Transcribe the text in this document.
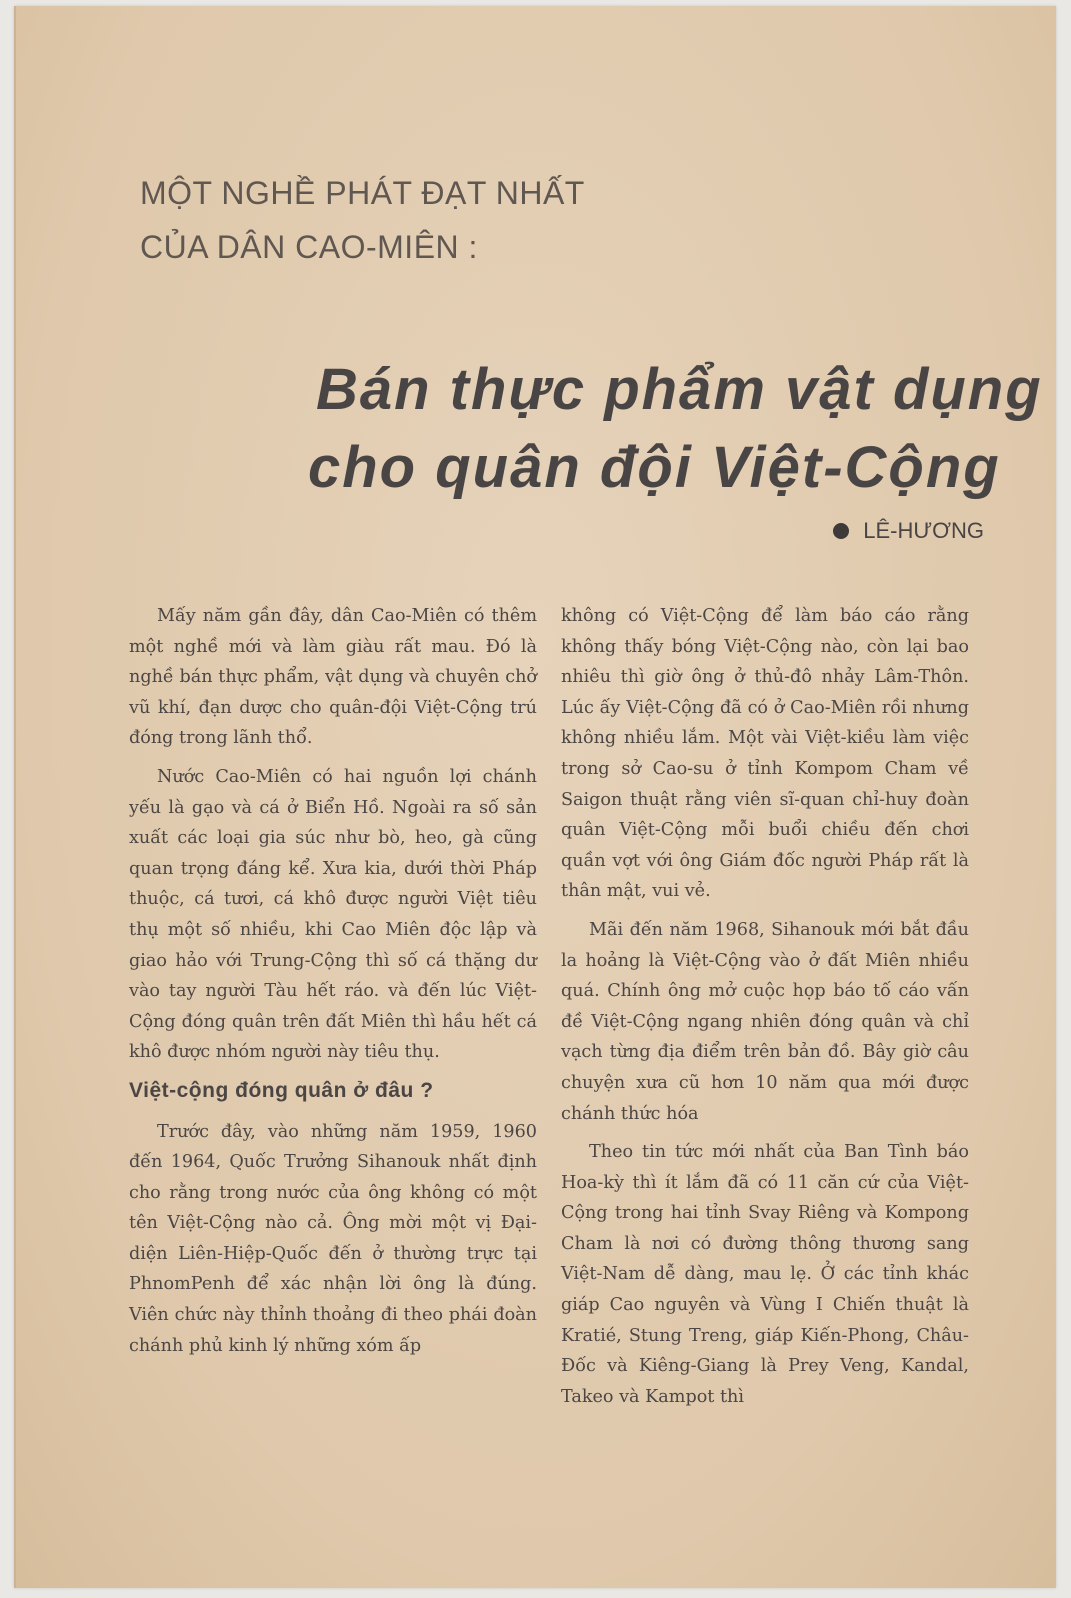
MỘT NGHỀ PHÁT ĐẠT NHẤT
CỦA DÂN CAO-MIÊN :
Bán thực phẩm vật dụng
cho quân đội Việt-Cộng
LÊ-HƯƠNG

Mấy năm gần đây, dân Cao-Miên có thêm một nghề mới và làm giàu rất mau. Đó là nghề bán thực phẩm, vật dụng và chuyên chở vũ khí, đạn dược cho quân-đội Việt-Cộng trú đóng trong lãnh thổ.

Nước Cao-Miên có hai nguồn lợi chánh yếu là gạo và cá ở Biển Hồ. Ngoài ra số sản xuất các loại gia súc như bò, heo, gà cũng quan trọng đáng kể. Xưa kia, dưới thời Pháp thuộc, cá tươi, cá khô được người Việt tiêu thụ một số nhiều, khi Cao Miên độc lập và giao hảo với Trung-Cộng thì số cá thặng dư vào tay người Tàu hết ráo. và đến lúc Việt-Cộng đóng quân trên đất Miên thì hầu hết cá khô được nhóm người này tiêu thụ.

Việt-cộng đóng quân ở đâu ?

Trước đây, vào những năm 1959, 1960 đến 1964, Quốc Trưởng Sihanouk nhất định cho rằng trong nước của ông không có một tên Việt-Cộng nào cả. Ông mời một vị Đại-diện Liên-Hiệp-Quốc đến ở thường trực tại PhnomPenh để xác nhận lời ông là đúng. Viên chức này thỉnh thoảng đi theo phái đoàn chánh phủ kinh lý những xóm ấp

không có Việt-Cộng để làm báo cáo rằng không thấy bóng Việt-Cộng nào, còn lại bao nhiêu thì giờ ông ở thủ-đô nhảy Lâm-Thôn. Lúc ấy Việt-Cộng đã có ở Cao-Miên rồi nhưng không nhiều lắm. Một vài Việt-kiều làm việc trong sở Cao-su ở tỉnh Kompom Cham về Saigon thuật rằng viên sĩ-quan chỉ-huy đoàn quân Việt-Cộng mỗi buổi chiều đến chơi quần vợt với ông Giám đốc người Pháp rất là thân mật, vui vẻ.

Mãi đến năm 1968, Sihanouk mới bắt đầu la hoảng là Việt-Cộng vào ở đất Miên nhiều quá. Chính ông mở cuộc họp báo tố cáo vấn đề Việt-Cộng ngang nhiên đóng quân và chỉ vạch từng địa điểm trên bản đồ. Bây giờ câu chuyện xưa cũ hơn 10 năm qua mới được chánh thức hóa

Theo tin tức mới nhất của Ban Tình báo Hoa-kỳ thì ít lắm đã có 11 căn cứ của Việt-Cộng trong hai tỉnh Svay Riêng và Kompong Cham là nơi có đường thông thương sang Việt-Nam dễ dàng, mau lẹ. Ở các tỉnh khác giáp Cao nguyên và Vùng I Chiến thuật là Kratié, Stung Treng, giáp Kiến-Phong, Châu-Đốc và Kiêng-Giang là Prey Veng, Kandal, Takeo và Kampot thì
